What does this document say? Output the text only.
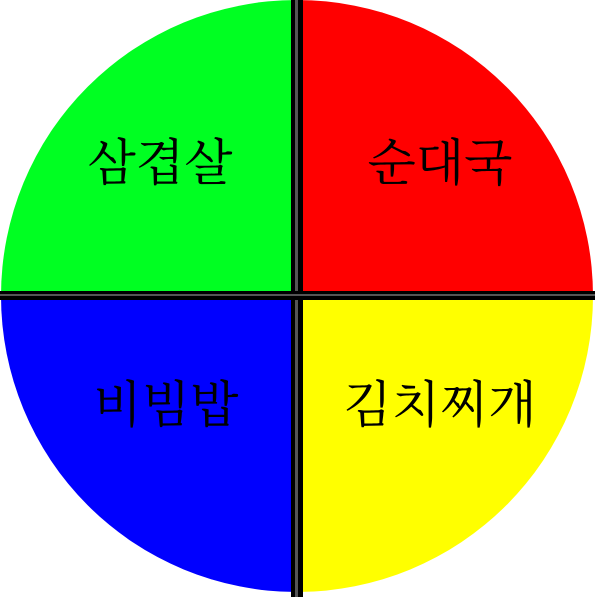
삼겹살	순대국
김치찌개
비빔밥
